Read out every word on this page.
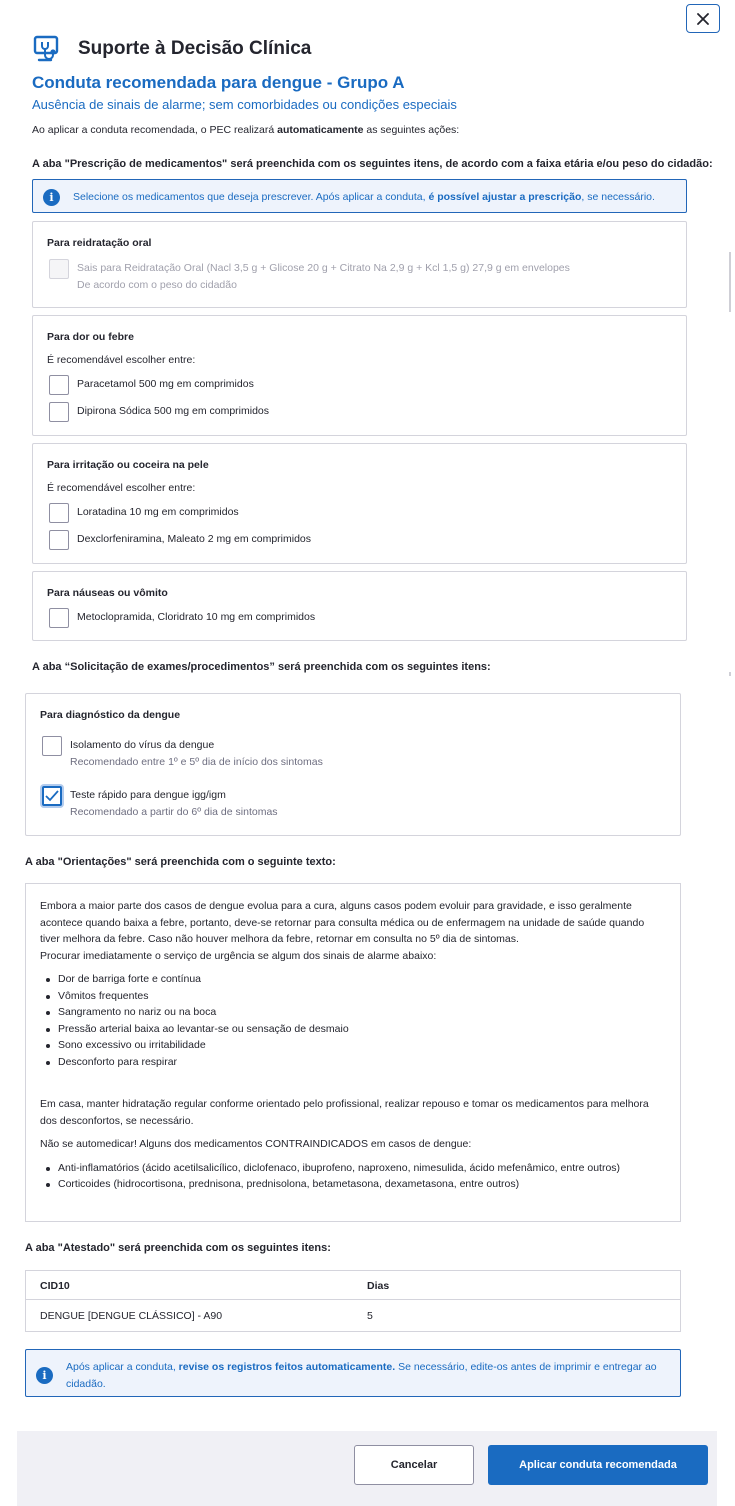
Suporte à Decisão Clínica
Conduta recomendada para dengue - Grupo A
Ausência de sinais de alarme; sem comorbidades ou condições especiais
Ao aplicar a conduta recomendada, o PEC realizará automaticamente as seguintes ações:
A aba "Prescrição de medicamentos" será preenchida com os seguintes itens, de acordo com a faixa etária e/ou peso do cidadão:
i	Selecione os medicamentos que deseja prescrever. Após aplicar a conduta, é possível ajustar a prescrição, se necessário.
Para reidratação oral
Sais para Reidratação Oral (Nacl 3,5 g + Glicose 20 g + Citrato Na 2,9 g + Kcl 1,5 g) 27,9 g em envelopes
De acordo com o peso do cidadão
Para dor ou febre
É recomendável escolher entre:
Paracetamol 500 mg em comprimidos
Dipirona Sódica 500 mg em comprimidos
Para irritação ou coceira na pele
É recomendável escolher entre:
Loratadina 10 mg em comprimidos
Dexclorfeniramina, Maleato 2 mg em comprimidos
Para náuseas ou vômito
Metoclopramida, Cloridrato 10 mg em comprimidos
A aba “Solicitação de exames/procedimentos” será preenchida com os seguintes itens:
Para diagnóstico da dengue
Isolamento do vírus da dengue
Recomendado entre 1º e 5º dia de início dos sintomas
Teste rápido para dengue igg/igm
Recomendado a partir do 6º dia de sintomas
A aba "Orientações" será preenchida com o seguinte texto:

Embora a maior parte dos casos de dengue evolua para a cura, alguns casos podem evoluir para gravidade, e isso geralmente acontece quando baixa a febre, portanto, deve-se retornar para consulta médica ou de enfermagem na unidade de saúde quando tiver melhora da febre. Caso não houver melhora da febre, retornar em consulta no 5º dia de sintomas.

Procurar imediatamente o serviço de urgência se algum dos sinais de alarme abaixo:

Dor de barriga forte e contínua
Vômitos frequentes
Sangramento no nariz ou na boca
Pressão arterial baixa ao levantar-se ou sensação de desmaio
Sono excessivo ou irritabilidade
Desconforto para respirar

Em casa, manter hidratação regular conforme orientado pelo profissional, realizar repouso e tomar os medicamentos para melhora dos desconfortos, se necessário.

Não se automedicar! Alguns dos medicamentos CONTRAINDICADOS em casos de dengue:

Anti-inflamatórios (ácido acetilsalicílico, diclofenaco, ibuprofeno, naproxeno, nimesulida, ácido mefenâmico, entre outros)
Corticoides (hidrocortisona, prednisona, prednisolona, betametasona, dexametasona, entre outros)
A aba "Atestado" será preenchida com os seguintes itens:
CID10	Dias
DENGUE [DENGUE CLÁSSICO] - A90	5
i
Após aplicar a conduta, revise os registros feitos automaticamente. Se necessário, edite-os antes de imprimir e entregar ao cidadão.
Cancelar	Aplicar conduta recomendada
